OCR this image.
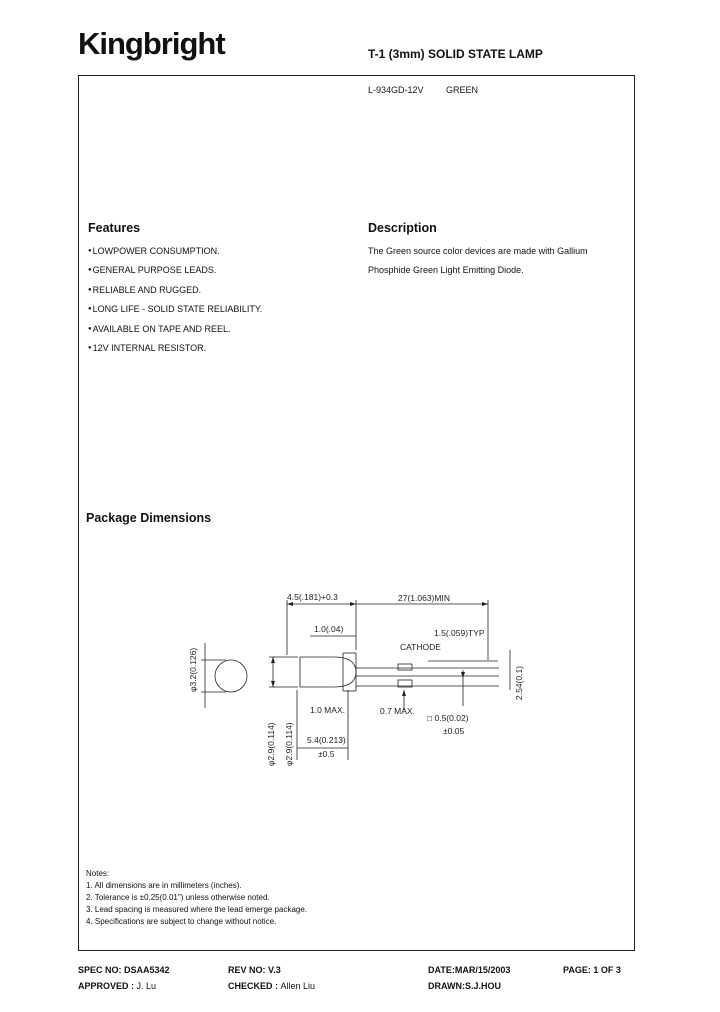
Kingbright	T-1 (3mm) SOLID STATE LAMP
L-934GD-12V	GREEN
Features
● LOWPOWER CONSUMPTION.
● GENERAL PURPOSE LEADS.
● RELIABLE AND RUGGED.
● LONG LIFE - SOLID STATE RELIABILITY.
● AVAILABLE ON TAPE AND REEL.
● 12V INTERNAL RESISTOR.
Description
The Green source color devices are made with Gallium
Phosphide Green Light Emitting Diode.
Package Dimensions
4.5(.181)+0.3	27(1.063)MIN
1.0(.04)	1.5(.059)TYP
CATHODE
1.0 MAX.	0.7 MAX.
□ 0.5(0.02)
±0.05
5.4(0.213)
±0.5
φ3.2(0.126)
φ2.9(0.114) φ2.9(0.114)
2.54(0.1)
Notes:
1. All dimensions are in millimeters (inches).
2. Tolerance is ±0.25(0.01") unless otherwise noted.
3. Lead spacing is measured where the lead emerge package.
4. Specifications are subject to change without notice.
SPEC NO: DSAA5342	REV NO: V.3	DATE:MAR/15/2003	PAGE: 1 OF 3
APPROVED : J. Lu	CHECKED : Allen Liu	DRAWN:S.J.HOU
